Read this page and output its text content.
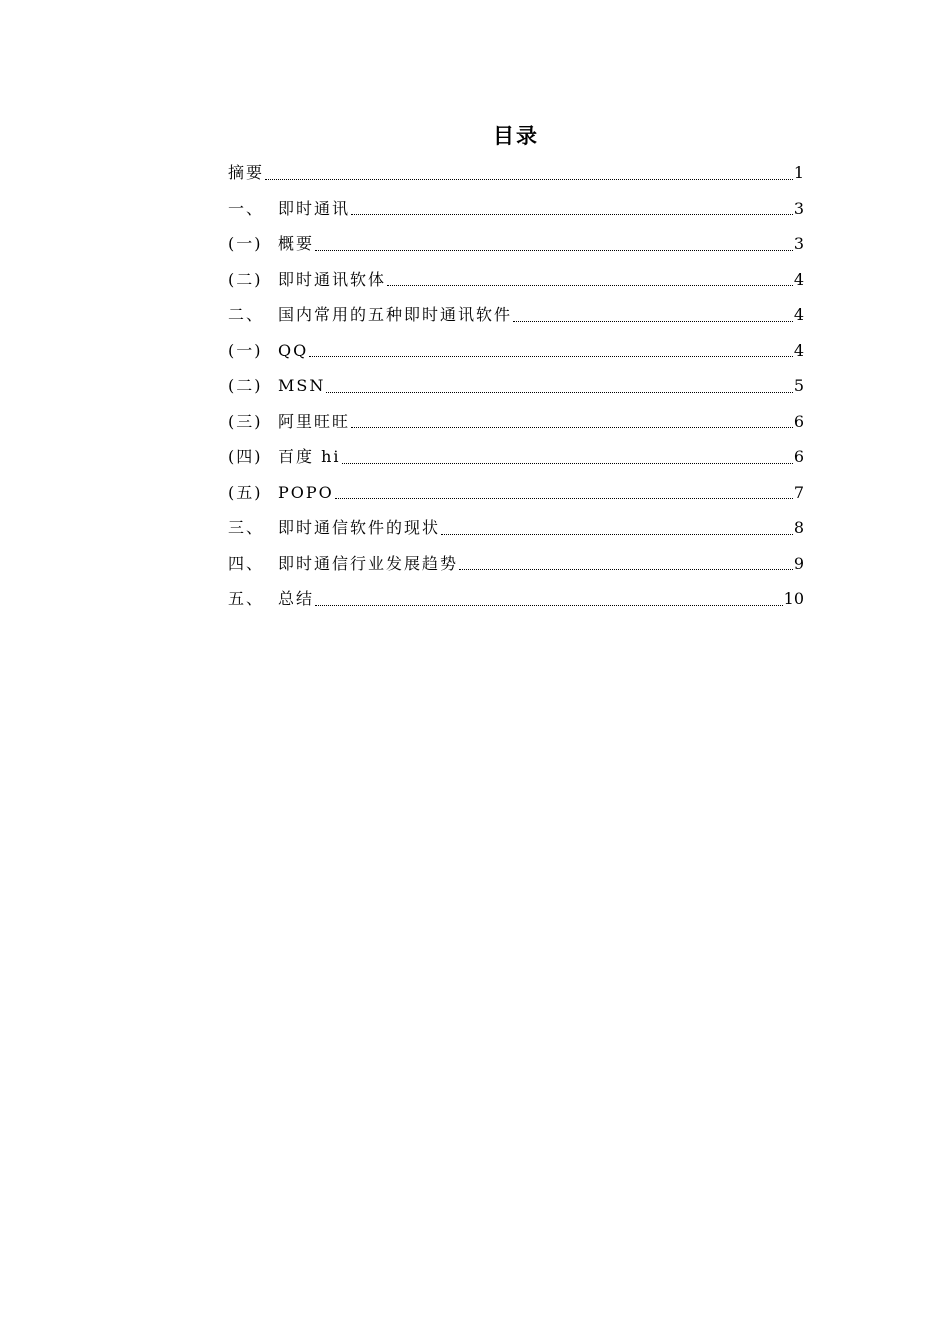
目录
摘要	1
一、 即时通讯	3
(一) 概要	3
(二) 即时通讯软体	4
二、 国内常用的五种即时通讯软件	4
(一) QQ	4
(二) MSN	5
(三) 阿里旺旺	6
(四) 百度 hi	6
(五) POPO	7
三、 即时通信软件的现状	8
四、 即时通信行业发展趋势	9
五、 总结	10
